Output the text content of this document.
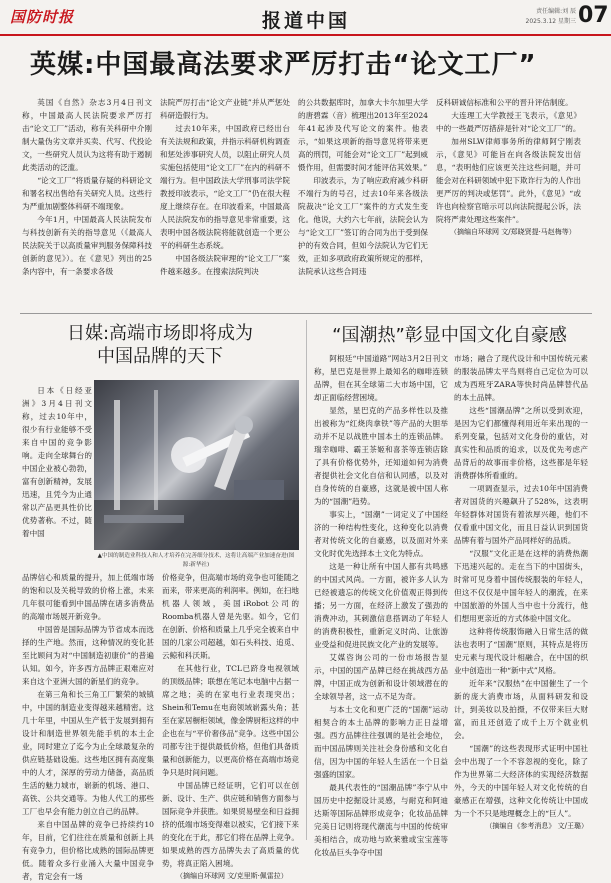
国防时报	报道中国	责任编辑:刘 辰
2025.3.12 星期三 07
英媒:中国最高法要求严厉打击“论文工厂”

英国《自然》杂志3月4日刊文称，中国最高人民法院要求严厉打击“论文工厂”活动，称有关科研中介刚制大量伪劣文章并买卖、代写、代投论文，一些研究人员认为这将有助于遏制此类活动的泛滥。

“论文工厂”将质量存疑的科研论文和署名权出售给有关研究人员。这些行为严重加剧整体科研不端现象。

今年1月，中国最高人民法院发布与科技创新有关的指导意见（《最高人民法院关于以高质量审判服务保障科技创新的意见》）。在《意见》列出的25条内容中，有一条要求各级

法院严厉打击“论文产业链”并从严惩处科研造假行为。

过去10年来，中国政府已经出台有关法规和政策，并指示科研机构调查和惩处涉事研究人员，以阻止研究人员实施包括使用“论文工厂”在内的科研不端行为。但中国政法大学刑事司法学院教授印波表示，“论文工厂”仍在很大程度上继续存在。在印波看来，中国最高人民法院发布的指导意见非常重要，这表明中国各级法院将能就创造一个更公平的科研生态系统。

中国各级法院审理的“论文工厂”案件越来越多。在搜索法院判决

的公共数据库时，加拿大卡尔加里大学的唐碧霖（音）梳理出2013年至2024年41起涉及代写论文的案件。他表示，“如果这项新的指导意见将带来更高的刑罚，可能会对“论文工厂”起到威慑作用，但需要时间才能评估其效果。”

印波表示，为了响应政府减少科研不端行为的号召，过去10年来各级法院裁决“论文工厂”案件的方式发生变化。他说，大约六七年前，法院会认为与“论文工厂”签订的合同为出于受到保护的有效合同，但如今法院认为它们无效，正如多项政府政策所规定的那样，法院承认这些合同违

反科研诚信标准和公平的晋升评估制度。

大连理工大学教授王飞表示，《意见》中的一些最严厉措辞是针对“论文工厂”的。

加州SLW律师事务所的律师阿宁刚表示，《意见》可能旨在向各级法院发出信息，“表明他们应该更关注这些问题，并可能会对在科研领域中犯下欺诈行为的人作出更严厉的判决或惩罚”。此外，《意见》“或许也向检察官暗示可以向法院提起公诉，法院将严肃处理这些案件”。

（摘编自环球网 文/郑晓贤提·马赵梅等）

日媒:高端市场即将成为
中国品牌的天下

日本《日经亚洲》3月4日刊文称，过去10年中，很少有行业能够不受来自中国的竞争影响。走向全球舞台的中国企业被心勃勃，富有创新精神，发展迅速，且凭今为止通常以产品更具性价比优势著称。不过，随着中国

▲中国的制造业科技人和人才培养在完善细分技术，这将让高端产业加速奋进(图源:新华社)

品牌信心和质量的提升，加上低端市场的饱和以及关税导致的价格上涨，未来几年很可能看到中国品牌在诸多消费品的高端市场展开新竞争。

中国曾是国际品牌为节省成本而选择的生产地。然而，这种情况的变化甚至比顾问为对“中国制造初康价”的普遍认知。如今，许多西方品牌正艰难应对来自这个亚洲大国的新星们的竞争。

在第三角和长三角工厂繁荣的城镇中，中国的制造业变得越来越精密。这几十年里，中国从生产低于发展到拥有设计和制造世界领先能手机的本土企业，同时建立了迄今为止全球最复杂的供应链基础设施。这些地区拥有高度集中的人才，深厚的劳动力储备，高品质生活的魅力城市，崭新的机场、港口、高铁、公共交通等。为他人代工的那些工厂也早会有能力创立自己的品牌。

来自中国品牌的竞争已持续约10年，目前，它们往往在质量和创新上具有竞争力，但价格比成熟的国际品牌更低。随着众多行业涌入大量中国竞争者，肯定会有一场

价格竞争，但高端市场的竞争也可能随之而来，带来更高的利润率。例如，在扫地机器人领域，美国iRobot公司的Roomba机器人曾是先驱。如今，它们在创新、价格和质量上几乎完全被来自中国的几家公司超越，如石头科技、追觅、云鲸和科沃斯。

在其他行业，TCL已跻身电视领域的顶级品牌；联想在笔记本电脑中占据一席之地；美的在家电行业表现突出；Shein和Temu在电商领域崭露头角；甚至在家居橱柜领域，像金牌厨柜这样的中企也在与“平价奢侈品”竞争。这些中国公司都专注于提供最低价格，但他们具备质量和创新能力，以更高价格在高端市场竞争只是时间问题。

中国品牌已经证明，它们可以在创新、设计、生产、供应链和销售方面参与国际竞争并获胜。如果贸易壁垒和日益拥挤的低端市场变得难以被实，它们接下来的变化在于此，那它们将在品牌上竞争。如果成熟的西方品牌失去了高质量的优势，将真正陷入困境。

（摘编自环球网 文/克里斯·佩雷拉）

“国潮热”彰显中国文化自豪感

阿根廷“中国道路”网站3月2日刊文称，星巴克是世界上最知名的咖啡连锁品牌，但在其全球第二大市场中国，它却正面临经营困境。

显然，星巴克的产品多样性以及推出被称为“红烧肉拿铁”等产品的大胆举动并不足以战胜中国本土的连锁品牌。瑞幸咖啡、霸王茶姬和喜茶等连锁店除了具有价格优势外，还知道如何为消费者提供社会文化自信和认同感，以及对自身传统的自豪感，这就是被中国人称为的“国潮”趋势。

事实上，“国潮”一词定义了中国经济的一种结构性变化，这种变化以消费者对传统文化的自豪感，以及面对外来文化时优先选择本土文化为特点。

这是一种让所有中国人都有共鸣感的中国式风尚。一方面，被许多人认为已经被遗忘的传统文化价值观正得到传播；另一方面，在经济上激发了强劲的消费冲动，其刺激信息搭调动了年轻人的消费积极性，重新定义时尚、让旅游业受益和促进民族文化产业的发展等。

艾媒咨询公司的一份市场报告显示，中国的国产品牌已经在挑战西方品牌，中国正成为创新和设计领域潜在的全球领导者，这一点不足为奇。

与本土文化和更广泛的“国潮”运动相契合的本土品牌的影响力正日益增强。西方品牌往往强调的是社会地位，而中国品牌则关注社会身份感和文化自信，因为中国的年轻人生活在一个日益强盛的国家。

最具代表性的“国潮品牌”李宁从中国历史中挖掘设计灵感，与耐克和阿迪达斯等国际品牌形成竞争；化妆品品牌完美日记则将现代潮流与中国的传统审美相结合，成功地与欧莱雅或宝宝莲等化妆品巨头争夺中国

市场；融合了现代设计和中国传统元素的服装品牌太平鸟则将自己定位为可以成为西班牙ZARA等快时尚品牌替代品的本土品牌。

这些“国潮品牌”之所以受到欢迎，是因为它们都懂得利用近年来出现的一系列变量，包括对文化身份的重估，对真实性和品质的追求，以及优先考虑产品背后的故事而非价格，这些都是年轻消费群体所看重的。

一项调查显示，过去10年中国消费者对国货的兴趣飙升了528%，这表明年轻群体对国货有着浓厚兴趣，他们不仅看重中国文化，而且日益认识到国货品牌有着与国外产品同样好的品质。

“汉服”文化正是在这样的消费热潮下迅速兴起的。走在当下的中国街头，时常可见身着中国传统服装的年轻人，但这不仅仅是中国年轻人的潮流，在来中国旅游的外国人当中也十分流行，他们想用更亲近的方式体验中国文化。

这种将传统服饰融入日常生活的做法也表明了“国潮”原则，其特点是将历史元素与现代设计相融合，在中国的织业中创造出一种“新中式”风格。

近年来“汉服热”在中国催生了一个新的庞大消费市场，从面料研发和设计，到美妆以及拍摄，不仅带来巨大财富，而且还创造了成千上万个就业机会。

“国潮”的这些表现形式证明中国社会中出现了一个不容忽视的变化，除了作为世界第二大经济体的实现经济数据外，今天的中国年轻人对文化传统的自豪感正在增强，这种文化传统让中国成为一个不只是地理概念上的“巨人”。

（摘编自《参考消息》 文/王璐）
